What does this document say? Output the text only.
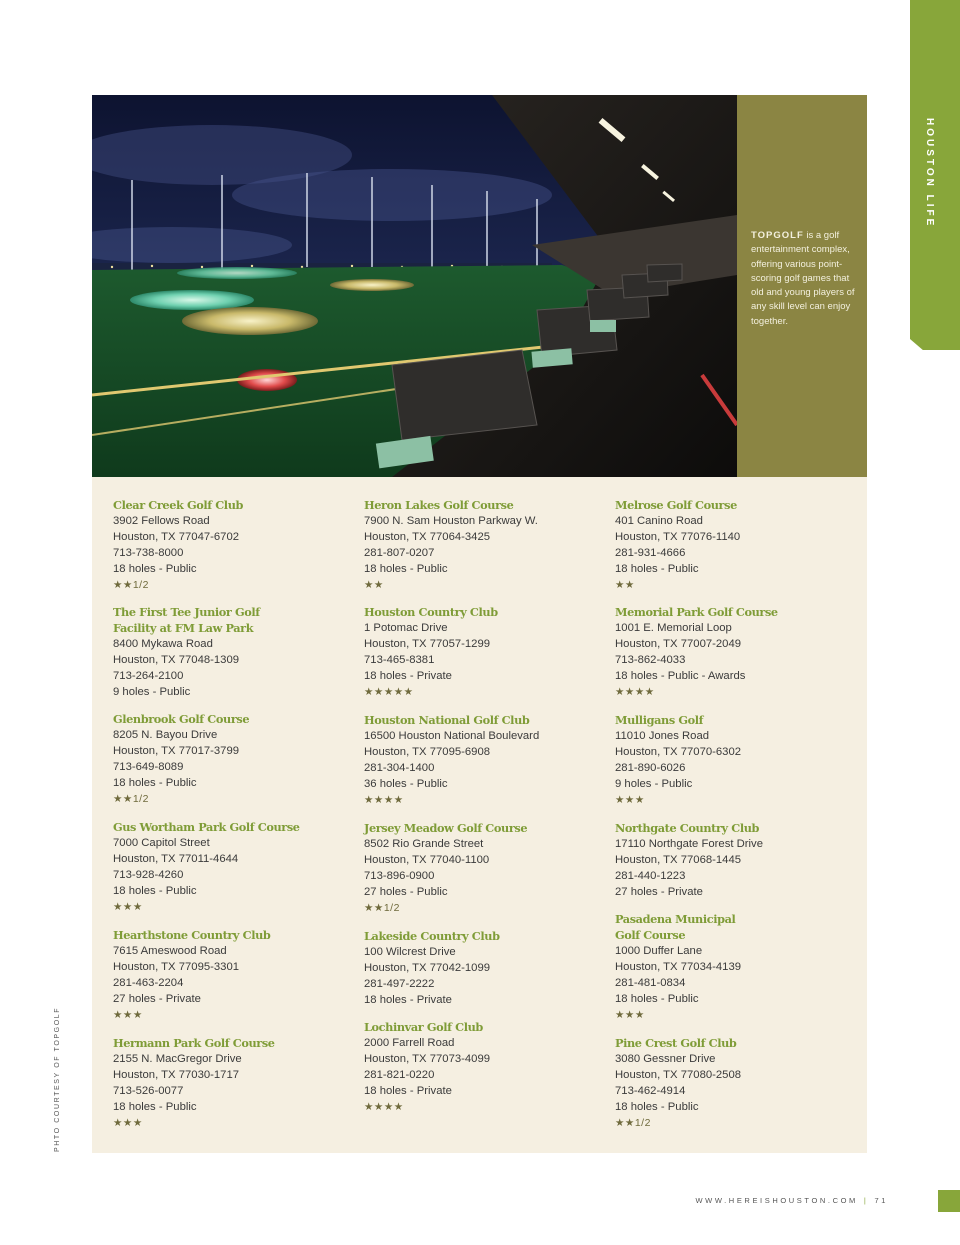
HOUSTON LIFE

TOPGOLF is a golf entertainment complex, offering various point-scoring golf games that old and young players of any skill level can enjoy together.

Clear Creek Golf Club
3902 Fellows Road
Houston, TX 77047-6702
713-738-8000
18 holes - Public
★★1/2
The First Tee Junior Golf
Facility at FM Law Park
8400 Mykawa Road
Houston, TX 77048-1309
713-264-2100
9 holes - Public
Glenbrook Golf Course
8205 N. Bayou Drive
Houston, TX 77017-3799
713-649-8089
18 holes - Public
★★1/2
Gus Wortham Park Golf Course
7000 Capitol Street
Houston, TX 77011-4644
713-928-4260
18 holes - Public
★★★
Hearthstone Country Club
7615 Ameswood Road
Houston, TX 77095-3301
281-463-2204
27 holes - Private
★★★
Hermann Park Golf Course
2155 N. MacGregor Drive
Houston, TX 77030-1717
713-526-0077
18 holes - Public
★★★
Heron Lakes Golf Course
7900 N. Sam Houston Parkway W.
Houston, TX 77064-3425
281-807-0207
18 holes - Public
★★
Houston Country Club
1 Potomac Drive
Houston, TX 77057-1299
713-465-8381
18 holes - Private
★★★★★
Houston National Golf Club
16500 Houston National Boulevard
Houston, TX 77095-6908
281-304-1400
36 holes - Public
★★★★
Jersey Meadow Golf Course
8502 Rio Grande Street
Houston, TX 77040-1100
713-896-0900
27 holes - Public
★★1/2
Lakeside Country Club
100 Wilcrest Drive
Houston, TX 77042-1099
281-497-2222
18 holes - Private
Lochinvar Golf Club
2000 Farrell Road
Houston, TX 77073-4099
281-821-0220
18 holes - Private
★★★★
Melrose Golf Course
401 Canino Road
Houston, TX 77076-1140
281-931-4666
18 holes - Public
★★
Memorial Park Golf Course
1001 E. Memorial Loop
Houston, TX 77007-2049
713-862-4033
18 holes - Public - Awards
★★★★
Mulligans Golf
11010 Jones Road
Houston, TX 77070-6302
281-890-6026
9 holes - Public
★★★
Northgate Country Club
17110 Northgate Forest Drive
Houston, TX 77068-1445
281-440-1223
27 holes - Private
Pasadena Municipal
Golf Course
1000 Duffer Lane
Houston, TX 77034-4139
281-481-0834
18 holes - Public
★★★
Pine Crest Golf Club
3080 Gessner Drive
Houston, TX 77080-2508
713-462-4914
18 holes - Public
★★1/2
PHTO COURTESY OF TOPGOLF
WWW.HEREISHOUSTON.COM | 71
